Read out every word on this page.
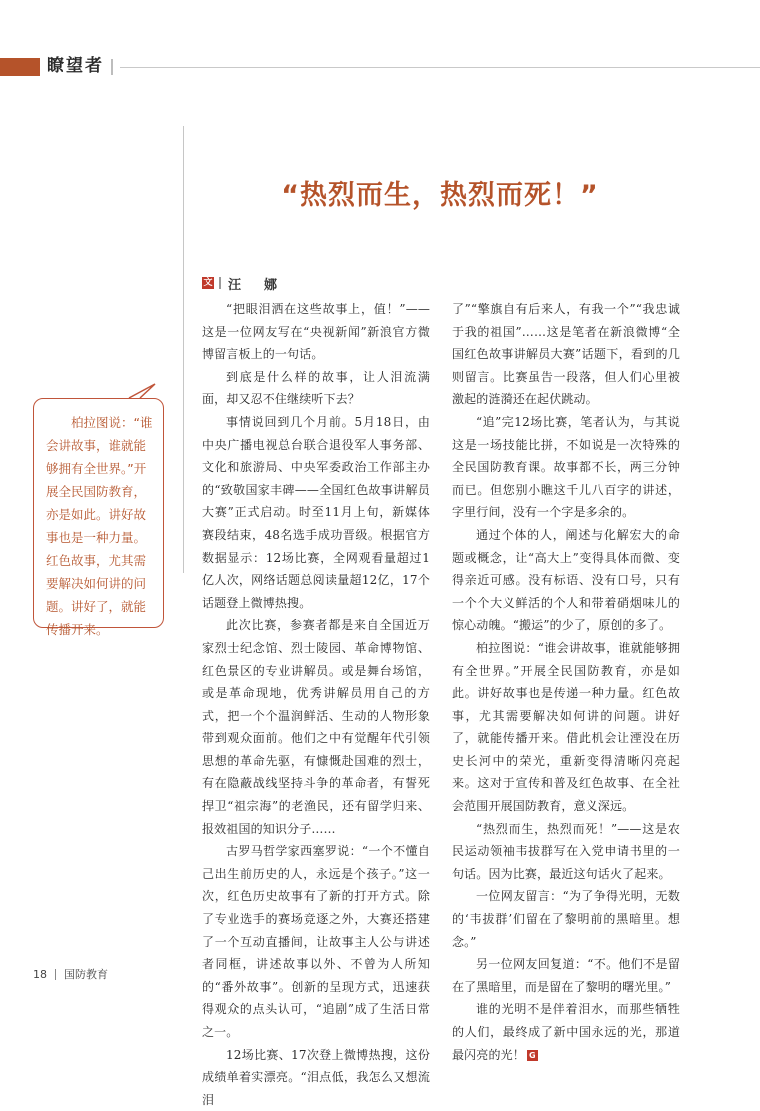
瞭望者
“热烈而生，热烈而死！”
文 汪　娜
柏拉图说：“谁会讲故事，谁就能够拥有全世界。”开展全民国防教育，亦是如此。讲好故事也是一种力量。红色故事，尤其需要解决如何讲的问题。讲好了，就能传播开来。

“把眼泪洒在这些故事上，值！”——这是一位网友写在“央视新闻”新浪官方微博留言板上的一句话。

到底是什么样的故事，让人泪流满面，却又忍不住继续听下去？

事情说回到几个月前。5月18日，由中央广播电视总台联合退役军人事务部、文化和旅游局、中央军委政治工作部主办的“致敬国家丰碑——全国红色故事讲解员大赛”正式启动。时至11月上旬，新媒体赛段结束，48名选手成功晋级。根据官方数据显示：12场比赛，全网观看量超过1亿人次，网络话题总阅读量超12亿，17个话题登上微博热搜。

此次比赛，参赛者都是来自全国近万家烈士纪念馆、烈士陵园、革命博物馆、红色景区的专业讲解员。或是舞台场馆，或是革命现地，优秀讲解员用自己的方式，把一个个温润鲜活、生动的人物形象带到观众面前。他们之中有觉醒年代引领思想的革命先驱，有慷慨赴国难的烈士，有在隐蔽战线坚持斗争的革命者，有誓死捍卫“祖宗海”的老渔民，还有留学归来、报效祖国的知识分子……

古罗马哲学家西塞罗说：“一个不懂自己出生前历史的人，永远是个孩子。”这一次，红色历史故事有了新的打开方式。除了专业选手的赛场竞逐之外，大赛还搭建了一个互动直播间，让故事主人公与讲述者同框，讲述故事以外、不曾为人所知的“番外故事”。创新的呈现方式，迅速获得观众的点头认可，“追剧”成了生活日常之一。

12场比赛、17次登上微博热搜，这份成绩单着实漂亮。“泪点低，我怎么又想流泪

了”“擎旗自有后来人，有我一个”“我忠诚于我的祖国”……这是笔者在新浪微博“全国红色故事讲解员大赛”话题下，看到的几则留言。比赛虽告一段落，但人们心里被激起的涟漪还在起伏跳动。

“追”完12场比赛，笔者认为，与其说这是一场技能比拼，不如说是一次特殊的全民国防教育课。故事都不长，两三分钟而已。但您别小瞧这千儿八百字的讲述，字里行间，没有一个字是多余的。

通过个体的人，阐述与化解宏大的命题或概念，让“高大上”变得具体而微、变得亲近可感。没有标语、没有口号，只有一个个大义鲜活的个人和带着硝烟味儿的惊心动魄。“搬运”的少了，原创的多了。

柏拉图说：“谁会讲故事，谁就能够拥有全世界。”开展全民国防教育，亦是如此。讲好故事也是传递一种力量。红色故事，尤其需要解决如何讲的问题。讲好了，就能传播开来。借此机会让湮没在历史长河中的荣光，重新变得清晰闪亮起来。这对于宣传和普及红色故事、在全社会范围开展国防教育，意义深远。

“热烈而生，热烈而死！”——这是农民运动领袖韦拔群写在入党申请书里的一句话。因为比赛，最近这句话火了起来。

一位网友留言：“为了争得光明，无数的‘韦拔群’们留在了黎明前的黑暗里。想念。”

另一位网友回复道：“不。他们不是留在了黑暗里，而是留在了黎明的曙光里。”

谁的光明不是伴着泪水，而那些牺牲的人们，最终成了新中国永远的光，那道最闪亮的光！ G

18 国防教育
